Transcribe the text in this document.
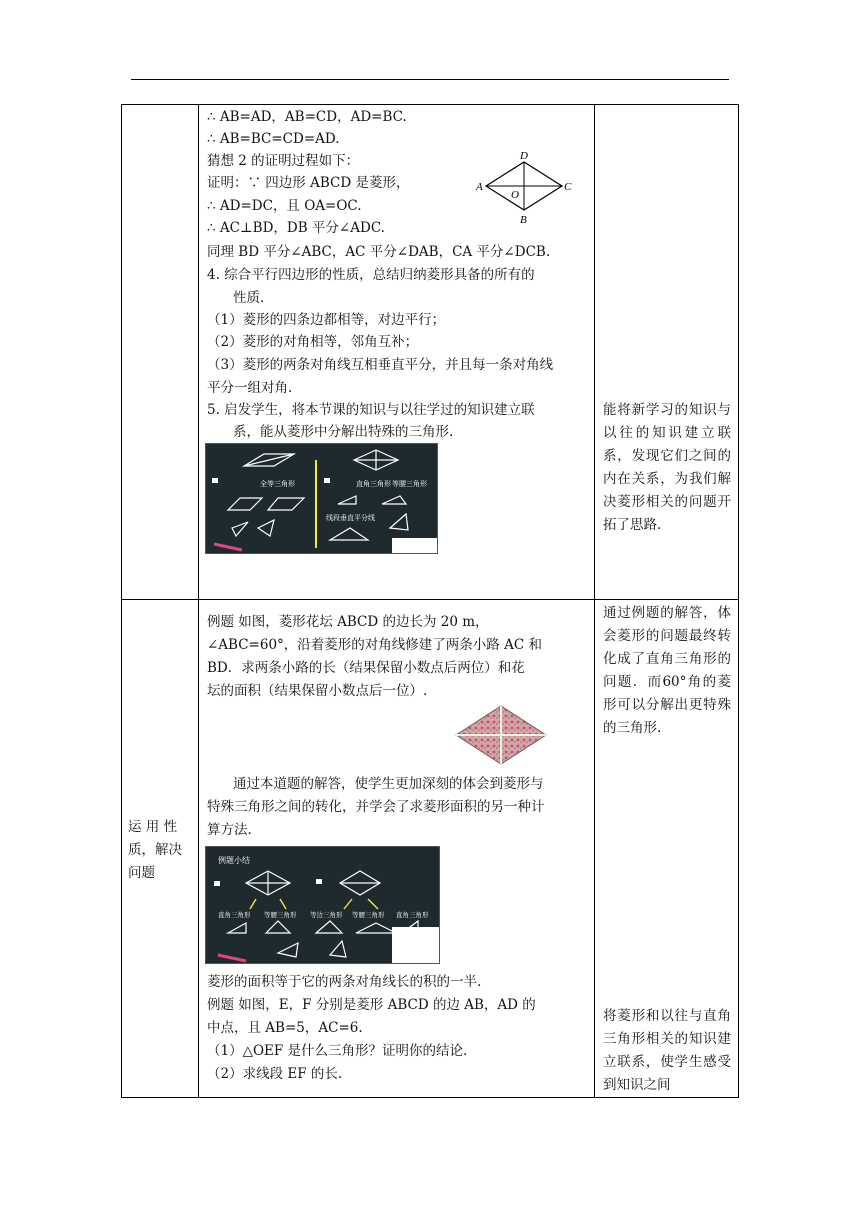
∴ AB=AD，AB=CD，AD=BC.
∴ AB=BC=CD=AD.
猜想 2 的证明过程如下：
证明：∵ 四边形 ABCD 是菱形，
∴ AD=DC，且 OA=OC.
∴ AC⊥BD，DB 平分∠ADC.
同理 BD 平分∠ABC，AC 平分∠DAB，CA 平分∠DCB.
4. 综合平行四边形的性质，总结归纳菱形具备的所有的
性质.
（1）菱形的四条边都相等，对边平行；
（2）菱形的对角相等，邻角互补；
（3）菱形的两条对角线互相垂直平分，并且每一条对角线
平分一组对角.
5. 启发学生，将本节课的知识与以往学过的知识建立联
系，能从菱形中分解出特殊的三角形.
A	C
D
B
O
全等三角形	直角三角形 等腰三角形
线段垂直平分线
能将新学习的知识与以往的知识建立联系，发现它们之间的内在关系，为我们解决菱形相关的问题开拓了思路.
运 用 性 质，解决 问题
例题 如图，菱形花坛 ABCD 的边长为 20 m，
∠ABC=60°，沿着菱形的对角线修建了两条小路 AC 和
BD．求两条小路的长（结果保留小数点后两位）和花
坛的面积（结果保留小数点后一位）.
通过本道题的解答，使学生更加深刻的体会到菱形与
特殊三角形之间的转化，并学会了求菱形面积的另一种计
算方法.
例题小结
直角三角形 等腰三角形 等边三角形 等腰三角形 直角三角形
菱形的面积等于它的两条对角线长的积的一半.
例题 如图，E，F 分别是菱形 ABCD 的边 AB，AD 的
中点，且 AB=5，AC=6.
（1）△OEF 是什么三角形？证明你的结论.
（2）求线段 EF 的长.
通过例题的解答，体会菱形的问题最终转化成了直角三角形的问题．而60°角的菱形可以分解出更特殊的三角形.
将菱形和以往与直角三角形相关的知识建立联系，使学生感受到知识之间
